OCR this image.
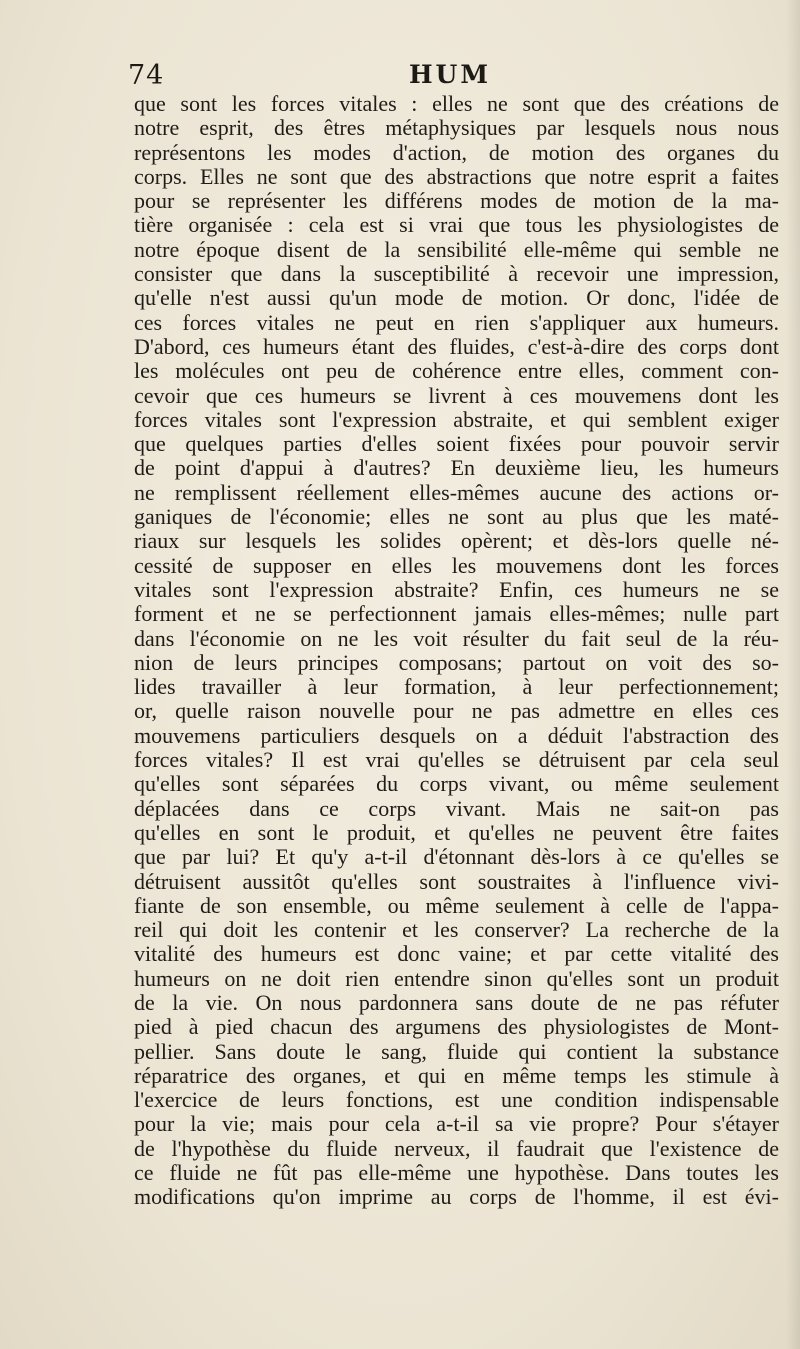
74	HUM
que sont les forces vitales : elles ne sont que des créations de
notre esprit, des êtres métaphysiques par lesquels nous nous
représentons les modes d'action, de motion des organes du
corps. Elles ne sont que des abstractions que notre esprit a faites
pour se représenter les différens modes de motion de la ma-
tière organisée : cela est si vrai que tous les physiologistes de
notre époque disent de la sensibilité elle-même qui semble ne
consister que dans la susceptibilité à recevoir une impression,
qu'elle n'est aussi qu'un mode de motion. Or donc, l'idée de
ces forces vitales ne peut en rien s'appliquer aux humeurs.
D'abord, ces humeurs étant des fluides, c'est-à-dire des corps dont
les molécules ont peu de cohérence entre elles, comment con-
cevoir que ces humeurs se livrent à ces mouvemens dont les
forces vitales sont l'expression abstraite, et qui semblent exiger
que quelques parties d'elles soient fixées pour pouvoir servir
de point d'appui à d'autres? En deuxième lieu, les humeurs
ne remplissent réellement elles-mêmes aucune des actions or-
ganiques de l'économie; elles ne sont au plus que les maté-
riaux sur lesquels les solides opèrent; et dès-lors quelle né-
cessité de supposer en elles les mouvemens dont les forces
vitales sont l'expression abstraite? Enfin, ces humeurs ne se
forment et ne se perfectionnent jamais elles-mêmes; nulle part
dans l'économie on ne les voit résulter du fait seul de la réu-
nion de leurs principes composans; partout on voit des so-
lides travailler à leur formation, à leur perfectionnement;
or, quelle raison nouvelle pour ne pas admettre en elles ces
mouvemens particuliers desquels on a déduit l'abstraction des
forces vitales? Il est vrai qu'elles se détruisent par cela seul
qu'elles sont séparées du corps vivant, ou même seulement
déplacées dans ce corps vivant. Mais ne sait-on pas
qu'elles en sont le produit, et qu'elles ne peuvent être faites
que par lui? Et qu'y a-t-il d'étonnant dès-lors à ce qu'elles se
détruisent aussitôt qu'elles sont soustraites à l'influence vivi-
fiante de son ensemble, ou même seulement à celle de l'appa-
reil qui doit les contenir et les conserver? La recherche de la
vitalité des humeurs est donc vaine; et par cette vitalité des
humeurs on ne doit rien entendre sinon qu'elles sont un produit
de la vie. On nous pardonnera sans doute de ne pas réfuter
pied à pied chacun des argumens des physiologistes de Mont-
pellier. Sans doute le sang, fluide qui contient la substance
réparatrice des organes, et qui en même temps les stimule à
l'exercice de leurs fonctions, est une condition indispensable
pour la vie; mais pour cela a-t-il sa vie propre? Pour s'étayer
de l'hypothèse du fluide nerveux, il faudrait que l'existence de
ce fluide ne fût pas elle-même une hypothèse. Dans toutes les
modifications qu'on imprime au corps de l'homme, il est évi-
